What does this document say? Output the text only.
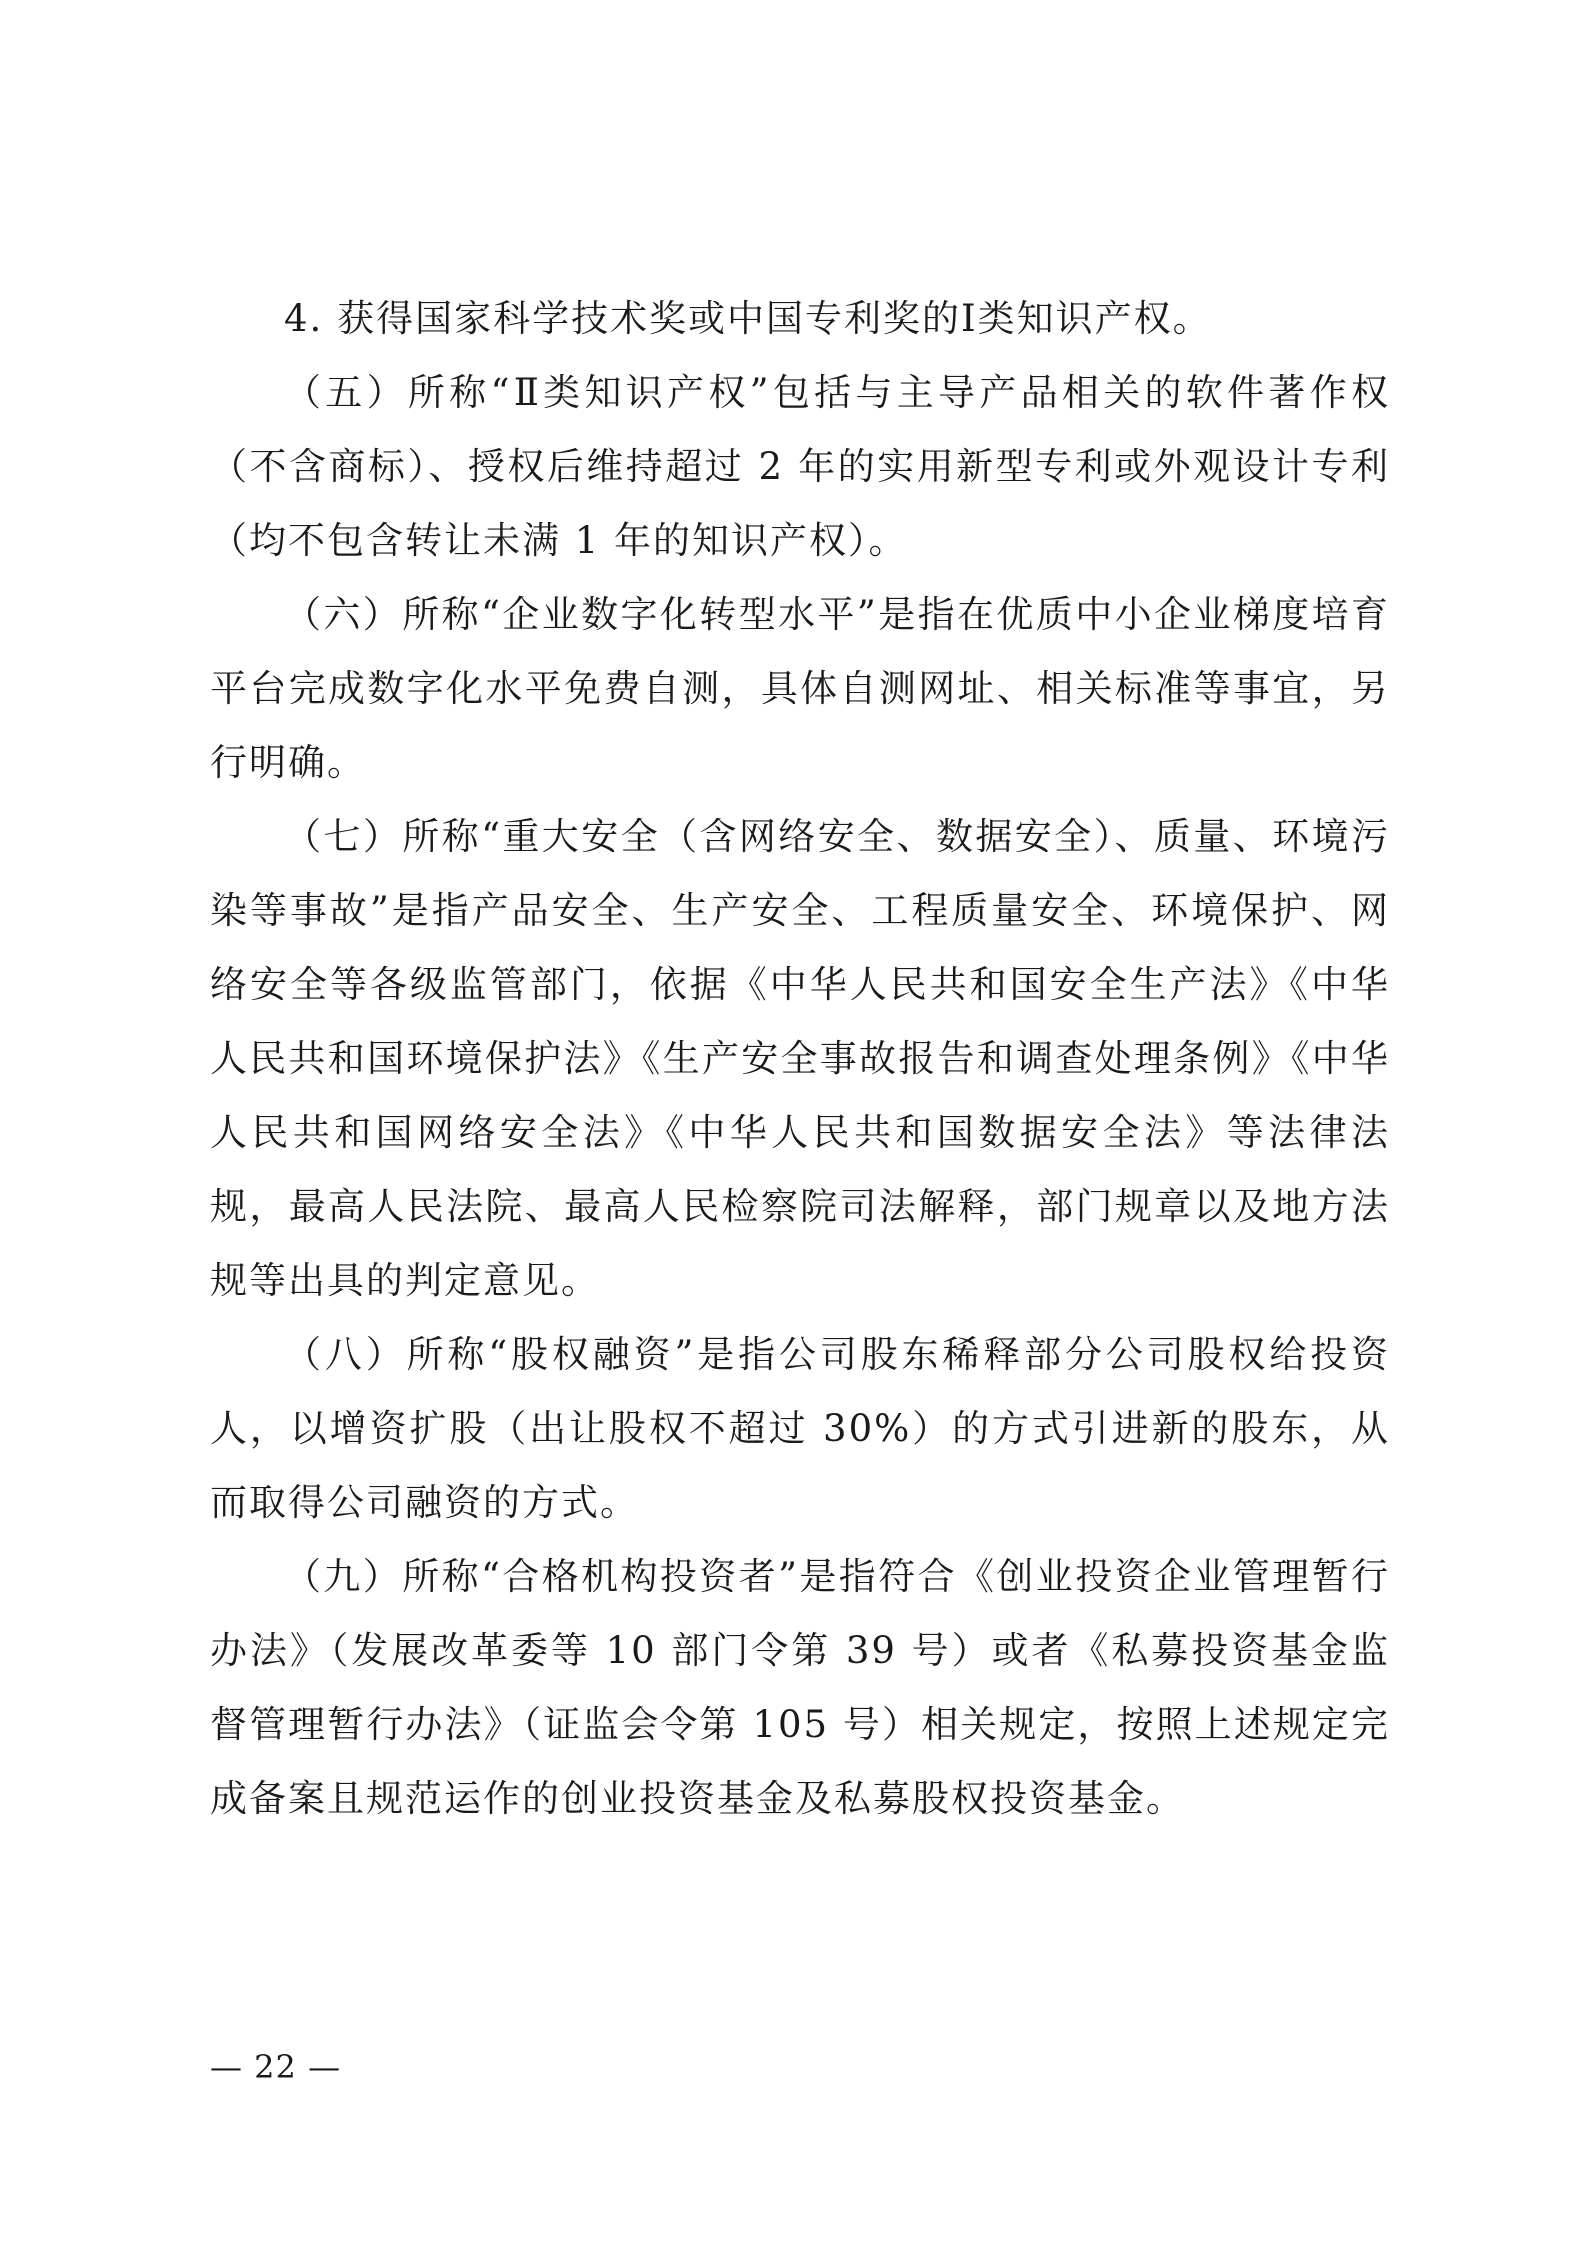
4. 获得国家科学技术奖或中国专利奖的Ⅰ类知识产权。

（五）所称“Ⅱ类知识产权”包括与主导产品相关的软件著作权（不含商标）、授权后维持超过 2 年的实用新型专利或外观设计专利（均不包含转让未满 1 年的知识产权）。

（六）所称“企业数字化转型水平”是指在优质中小企业梯度培育平台完成数字化水平免费自测，具体自测网址、相关标准等事宜，另行明确。

（七）所称“重大安全（含网络安全、数据安全）、质量、环境污染等事故”是指产品安全、生产安全、工程质量安全、环境保护、网络安全等各级监管部门，依据《中华人民共和国安全生产法》《中华人民共和国环境保护法》《生产安全事故报告和调查处理条例》《中华人民共和国网络安全法》《中华人民共和国数据安全法》等法律法规，最高人民法院、最高人民检察院司法解释，部门规章以及地方法规等出具的判定意见。

（八）所称“股权融资”是指公司股东稀释部分公司股权给投资人，以增资扩股（出让股权不超过 30%）的方式引进新的股东，从而取得公司融资的方式。

（九）所称“合格机构投资者”是指符合《创业投资企业管理暂行办法》（发展改革委等 10 部门令第 39 号）或者《私募投资基金监督管理暂行办法》（证监会令第 105 号）相关规定，按照上述规定完成备案且规范运作的创业投资基金及私募股权投资基金。

— 22 —
